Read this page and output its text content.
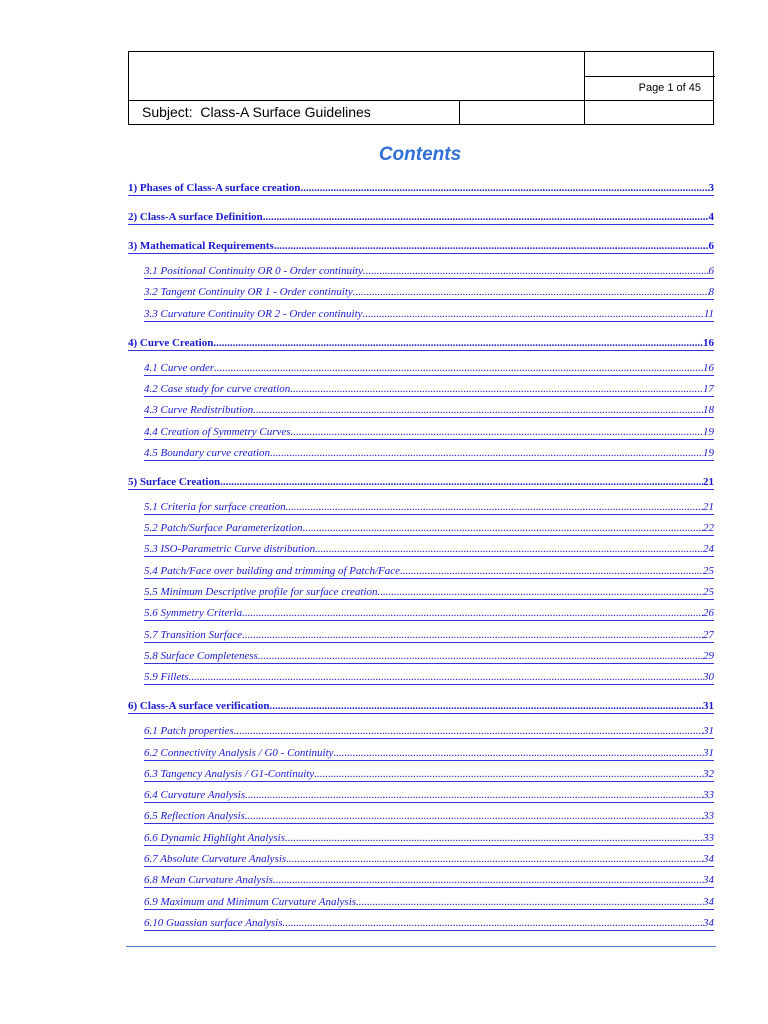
Page 1 of 45
Subject: Class-A Surface Guidelines
Contents
1) Phases of Class-A surface creation .....	3
2) Class-A surface Definition .....	4
3) Mathematical Requirements .....	6
3.1 Positional Continuity OR 0 - Order continuity .....	6
3.2 Tangent Continuity OR 1 - Order continuity .....	8
3.3 Curvature Continuity OR 2 - Order continuity .....	11
4) Curve Creation .....	16
4.1 Curve order .....	16
4.2 Case study for curve creation .....	17
4.3 Curve Redistribution .....	18
4.4 Creation of Symmetry Curves .....	19
4.5 Boundary curve creation .....	19
5) Surface Creation .....	21
5.1 Criteria for surface creation .....	21
5.2 Patch/Surface Parameterization .....	22
5.3 ISO-Parametric Curve distribution .....	24
5.4 Patch/Face over building and trimming of Patch/Face .....	25
5.5 Minimum Descriptive profile for surface creation .....	25
5.6 Symmetry Criteria .....	26
5.7 Transition Surface .....	27
5.8 Surface Completeness .....	29
5.9 Fillets .....	30
6) Class-A surface verification .....	31
6.1 Patch properties .....	31
6.2 Connectivity Analysis / G0 - Continuity .....	31
6.3 Tangency Analysis / G1-Continuity .....	32
6.4 Curvature Analysis .....	33
6.5 Reflection Analysis .....	33
6.6 Dynamic Highlight Analysis .....	33
6.7 Absolute Curvature Analysis .....	34
6.8 Mean Curvature Analysis .....	34
6.9 Maximum and Minimum Curvature Analysis .....	34
6.10 Guassian surface Analysis .....	34
